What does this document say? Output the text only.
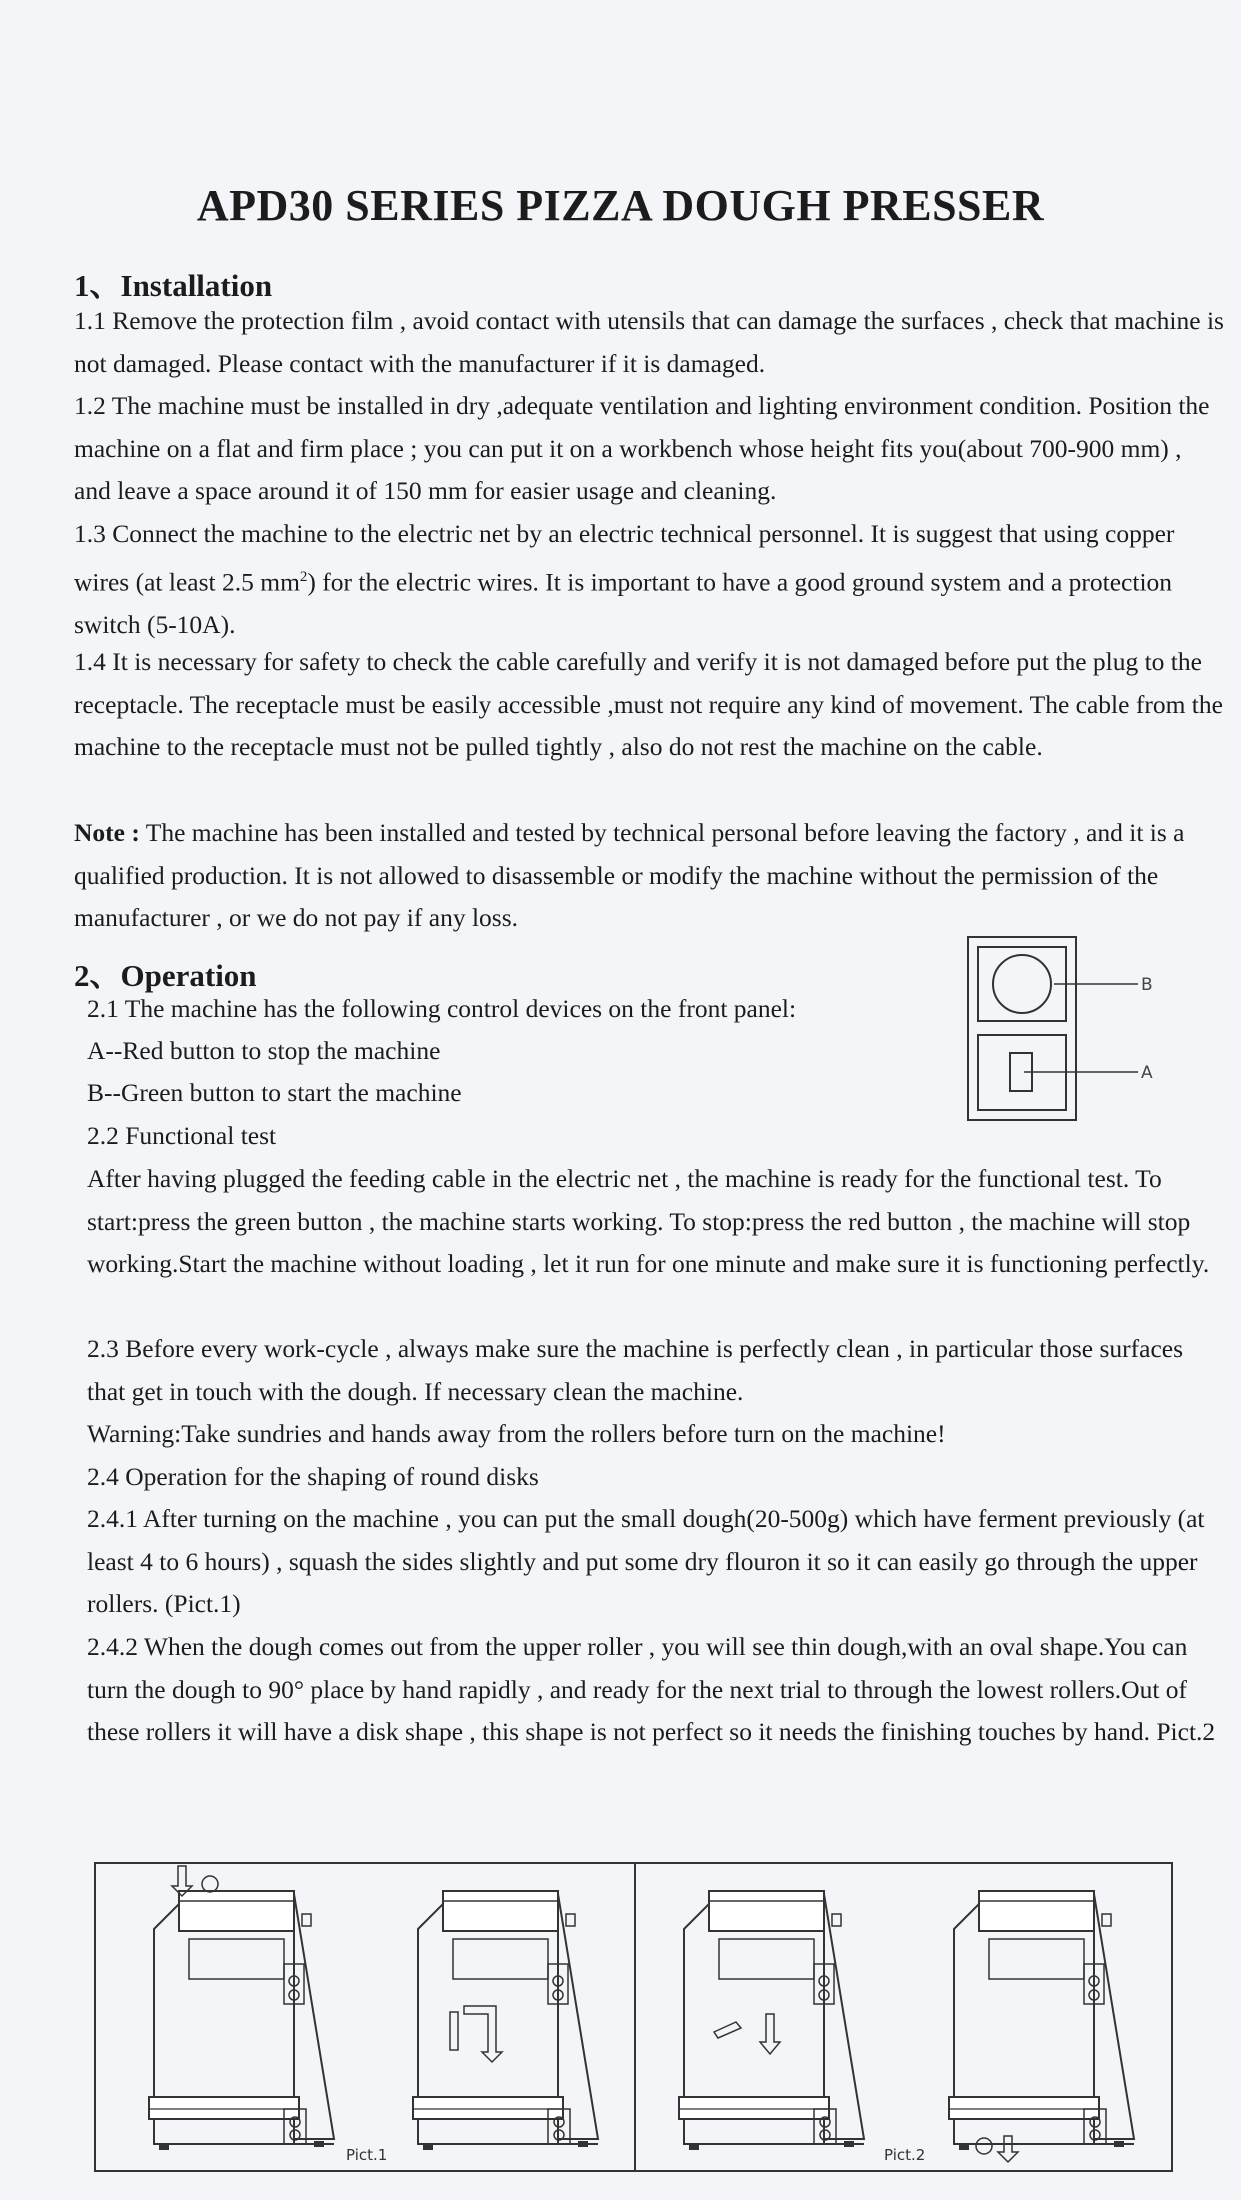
APD30 SERIES PIZZA DOUGH PRESSER
1、Installation
1.1 Remove the protection film , avoid contact with utensils that can damage the surfaces , check that machine is not damaged. Please contact with the manufacturer if it is damaged.
1.2 The machine must be installed in dry ,adequate ventilation and lighting environment condition. Position the machine on a flat and firm place ; you can put it on a workbench whose height fits you(about 700-900 mm) , and leave a space around it of 150 mm for easier usage and cleaning.
1.3 Connect the machine to the electric net by an electric technical personnel. It is suggest that using copper wires (at least 2.5 $mm^2$) for the electric wires. It is important to have a good ground system and a protection switch (5-10A).
1.4 It is necessary for safety to check the cable carefully and verify it is not damaged before put the plug to the receptacle. The receptacle must be easily accessible ,must not require any kind of movement. The cable from the machine to the receptacle must not be pulled tightly , also do not rest the machine on the cable.
Note : The machine has been installed and tested by technical personal before leaving the factory , and it is a qualified production. It is not allowed to disassemble or modify the machine without the permission of the manufacturer , or we do not pay if any loss.
2、Operation
2.1 The machine has the following control devices on the front panel:
A--Red button to stop the machine
B--Green button to start the machine
2.2 Functional test
After having plugged the feeding cable in the electric net , the machine is ready for the functional test. To start:press the green button , the machine starts working. To stop:press the red button , the machine will stop working.Start the machine without loading , let it run for one minute and make sure it is functioning perfectly.
2.3 Before every work-cycle , always make sure the machine is perfectly clean , in particular those surfaces that get in touch with the dough. If necessary clean the machine.
Warning:Take sundries and hands away from the rollers before turn on the machine!
2.4 Operation for the shaping of round disks
2.4.1 After turning on the machine , you can put the small dough(20-500g) which have ferment previously (at least 4 to 6 hours) , squash the sides slightly and put some dry flouron it so it can easily go through the upper rollers. (Pict.1)
2.4.2 When the dough comes out from the upper roller , you will see thin dough,with an oval shape.You can turn the dough to 90° place by hand rapidly , and ready for the next trial to through the lowest rollers.Out of these rollers it will have a disk shape , this shape is not perfect so it needs the finishing touches by hand. Pict.2
B
A
Pict.1	Pict.2
